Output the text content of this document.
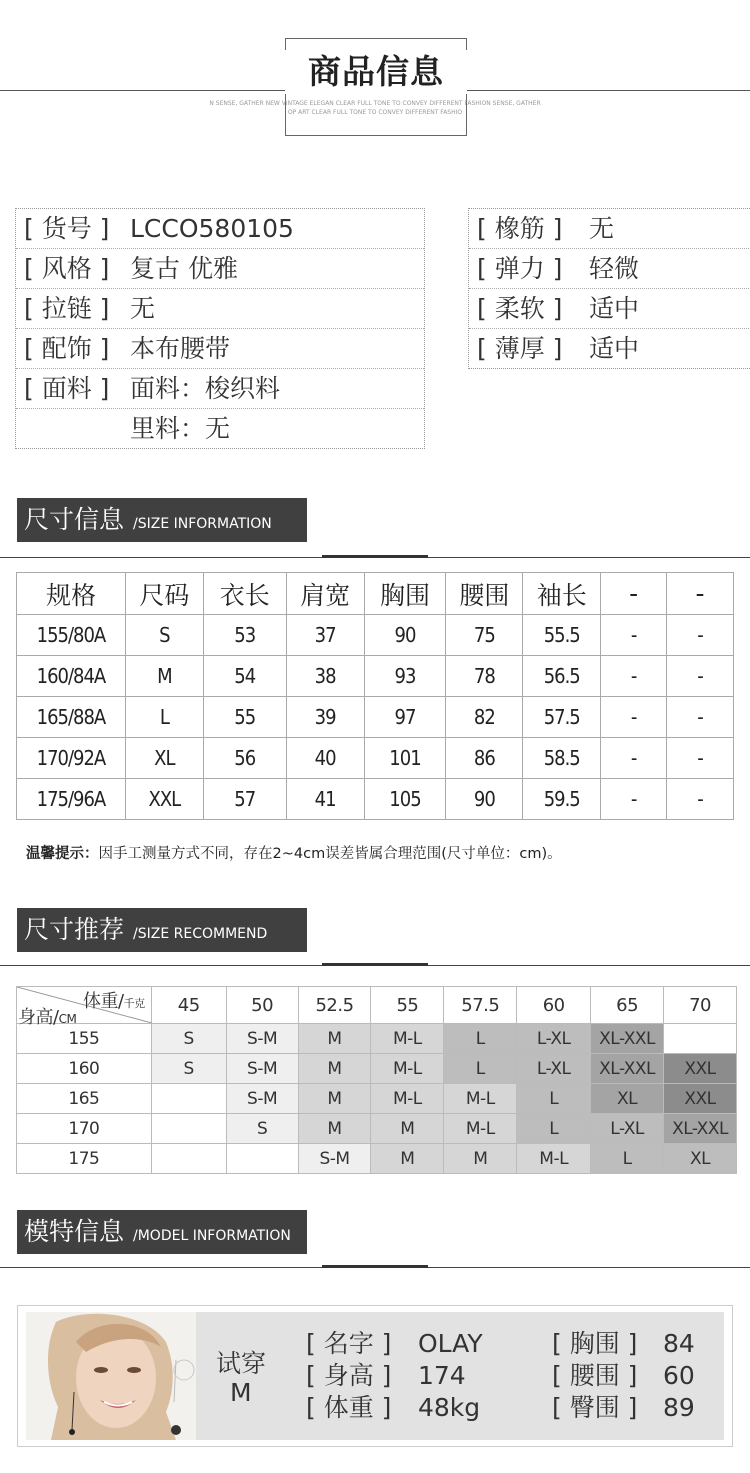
商品信息
N SENSE, GATHER NEW VINTAGE ELEGAN CLEAR FULL TONE TO CONVEY DIFFERENT FASHION SENSE, GATHER
OP ART CLEAR FULL TONE TO CONVEY DIFFERENT FASHIO
[ 货号 ] LCCO580105
[ 风格 ] 复古 优雅
[ 拉链 ] 无
[ 配饰 ] 本布腰带
[ 面料 ] 面料：梭织料
里料：无
[ 橡筋 ] 无
[ 弹力 ] 轻微
[ 柔软 ] 适中
[ 薄厚 ] 适中
尺寸信息 /SIZE INFORMATION
规格	尺码	衣长	肩宽	胸围	腰围	袖长	-	-
155/80A	S	53	37	90	75	55.5	-	-
160/84A	M	54	38	93	78	56.5	-	-
165/88A	L	55	39	97	82	57.5	-	-
170/92A	XL	56	40	101	86	58.5	-	-
175/96A	XXL	57	41	105	90	59.5	-	-
温馨提示：因手工测量方式不同，存在2~4cm误差皆属合理范围(尺寸单位：cm)。
尺寸推荐 /SIZE RECOMMEND
体重/千克
身高/CM	45	50	52.5	55	57.5	60	65	70
155	S	S-M	M	M-L	L	L-XL	XL-XXL	
160	S	S-M	M	M-L	L	L-XL	XL-XXL	XXL
165		S-M	M	M-L	M-L	L	XL	XXL
170		S	M	M	M-L	L	L-XL	XL-XXL
175			S-M	M	M	M-L	L	XL
模特信息 /MODEL INFORMATION
试穿
M
[ 名字 ] OLAY
[ 身高 ] 174
[ 体重 ] 48kg
[ 胸围 ] 84
[ 腰围 ] 60
[ 臀围 ] 89
